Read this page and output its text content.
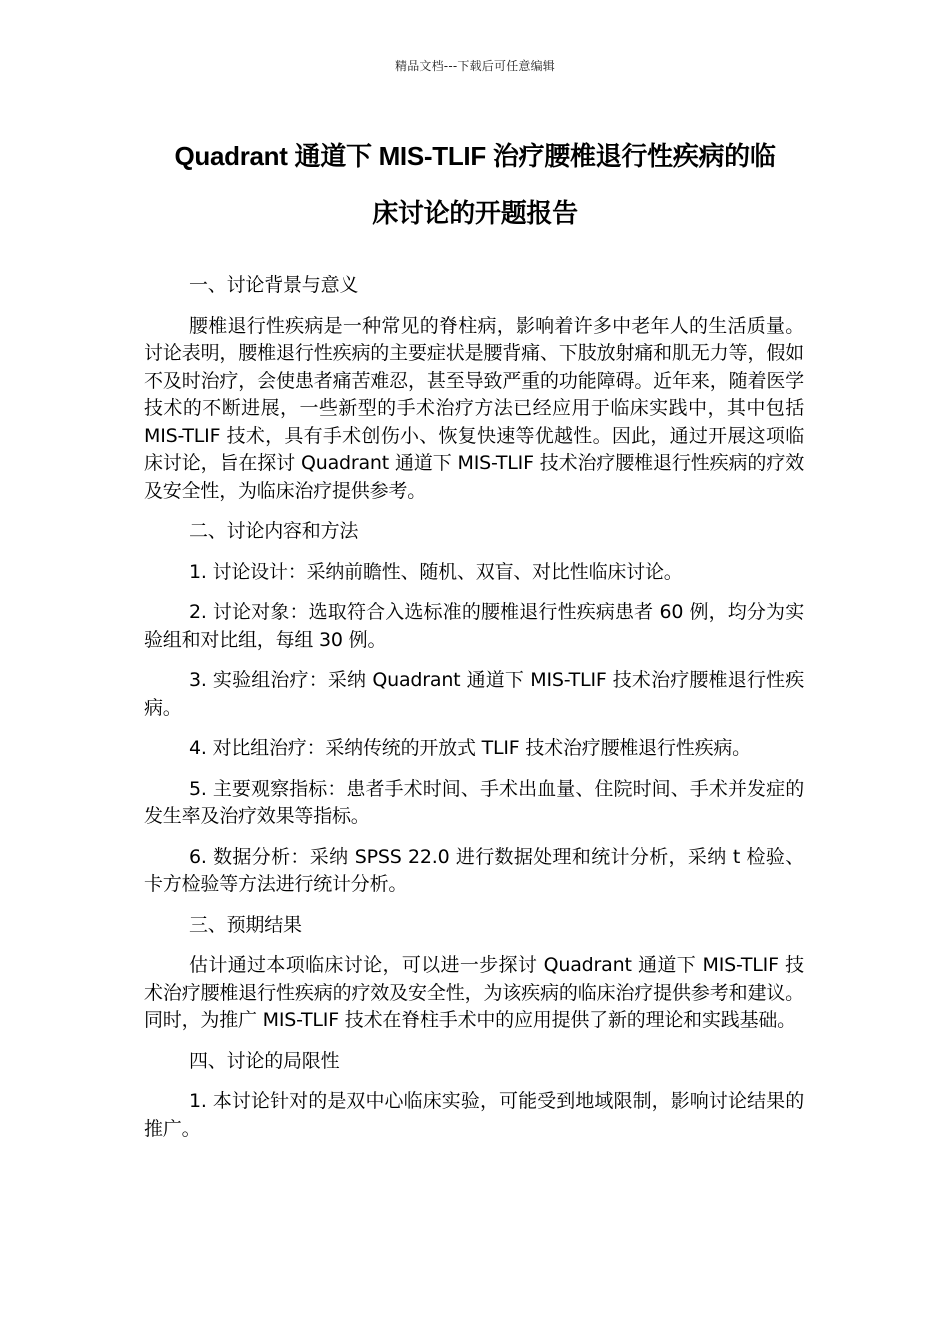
精品文档---下载后可任意编辑
Quadrant 通道下 MIS-TLIF 治疗腰椎退行性疾病的临
床讨论的开题报告

一、讨论背景与意义

腰椎退行性疾病是一种常见的脊柱病，影响着许多中老年人的生活质量。讨论表明，腰椎退行性疾病的主要症状是腰背痛、下肢放射痛和肌无力等，假如不及时治疗，会使患者痛苦难忍，甚至导致严重的功能障碍。近年来，随着医学技术的不断进展，一些新型的手术治疗方法已经应用于临床实践中，其中包括 MIS-TLIF 技术，具有手术创伤小、恢复快速等优越性。因此，通过开展这项临床讨论，旨在探讨 Quadrant 通道下 MIS-TLIF 技术治疗腰椎退行性疾病的疗效及安全性，为临床治疗提供参考。

二、讨论内容和方法

1. 讨论设计：采纳前瞻性、随机、双盲、对比性临床讨论。

2. 讨论对象：选取符合入选标准的腰椎退行性疾病患者 60 例，均分为实验组和对比组，每组 30 例。

3. 实验组治疗：采纳 Quadrant 通道下 MIS-TLIF 技术治疗腰椎退行性疾病。

4. 对比组治疗：采纳传统的开放式 TLIF 技术治疗腰椎退行性疾病。

5. 主要观察指标：患者手术时间、手术出血量、住院时间、手术并发症的发生率及治疗效果等指标。

6. 数据分析：采纳 SPSS 22.0 进行数据处理和统计分析，采纳 t 检验、卡方检验等方法进行统计分析。

三、预期结果

估计通过本项临床讨论，可以进一步探讨 Quadrant 通道下 MIS-TLIF 技术治疗腰椎退行性疾病的疗效及安全性，为该疾病的临床治疗提供参考和建议。同时，为推广 MIS-TLIF 技术在脊柱手术中的应用提供了新的理论和实践基础。

四、讨论的局限性

1. 本讨论针对的是双中心临床实验，可能受到地域限制，影响讨论结果的推广。
